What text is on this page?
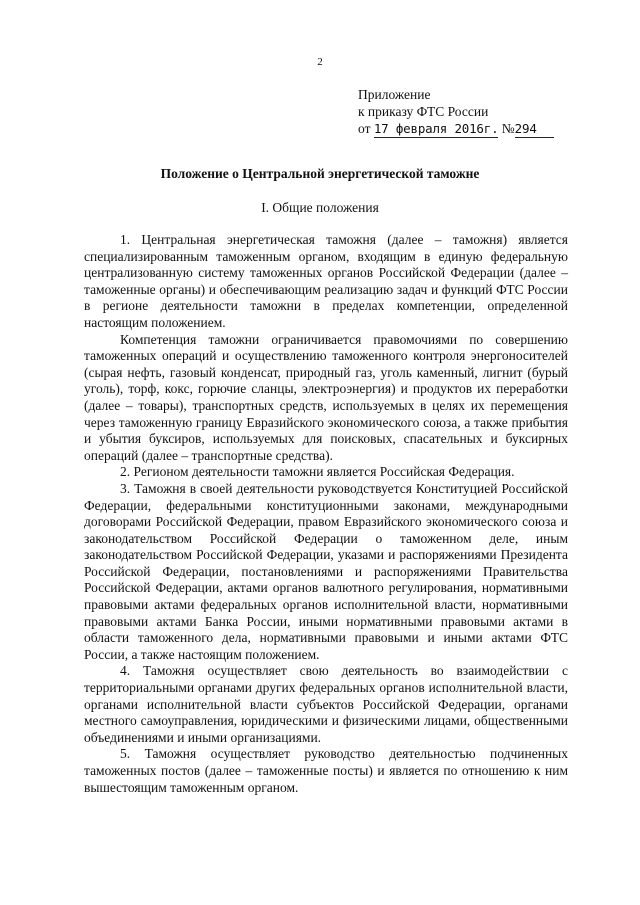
2
Приложение
к приказу ФТС России
от 17 февраля 2016г. №294
Положение о Центральной энергетической таможне
I. Общие положения

1. Центральная энергетическая таможня (далее – таможня) является специализированным таможенным органом, входящим в единую федеральную централизованную систему таможенных органов Российской Федерации (далее – таможенные органы) и обеспечивающим реализацию задач и функций ФТС России в регионе деятельности таможни в пределах компетенции, определенной настоящим положением.

Компетенция таможни ограничивается правомочиями по совершению таможенных операций и осуществлению таможенного контроля энергоносителей (сырая нефть, газовый конденсат, природный газ, уголь каменный, лигнит (бурый уголь), торф, кокс, горючие сланцы, электроэнергия) и продуктов их переработки (далее – товары), транспортных средств, используемых в целях их перемещения через таможенную границу Евразийского экономического союза, а также прибытия и убытия буксиров, используемых для поисковых, спасательных и буксирных операций (далее – транспортные средства).

2. Регионом деятельности таможни является Российская Федерация.

3. Таможня в своей деятельности руководствуется Конституцией Российской Федерации, федеральными конституционными законами, международными договорами Российской Федерации, правом Евразийского экономического союза и законодательством Российской Федерации о таможенном деле, иным законодательством Российской Федерации, указами и распоряжениями Президента Российской Федерации, постановлениями и распоряжениями Правительства Российской Федерации, актами органов валютного регулирования, нормативными правовыми актами федеральных органов исполнительной власти, нормативными правовыми актами Банка России, иными нормативными правовыми актами в области таможенного дела, нормативными правовыми и иными актами ФТС России, а также настоящим положением.

4. Таможня осуществляет свою деятельность во взаимодействии с территориальными органами других федеральных органов исполнительной власти, органами исполнительной власти субъектов Российской Федерации, органами местного самоуправления, юридическими и физическими лицами, общественными объединениями и иными организациями.

5. Таможня осуществляет руководство деятельностью подчиненных таможенных постов (далее – таможенные посты) и является по отношению к ним вышестоящим таможенным органом.
